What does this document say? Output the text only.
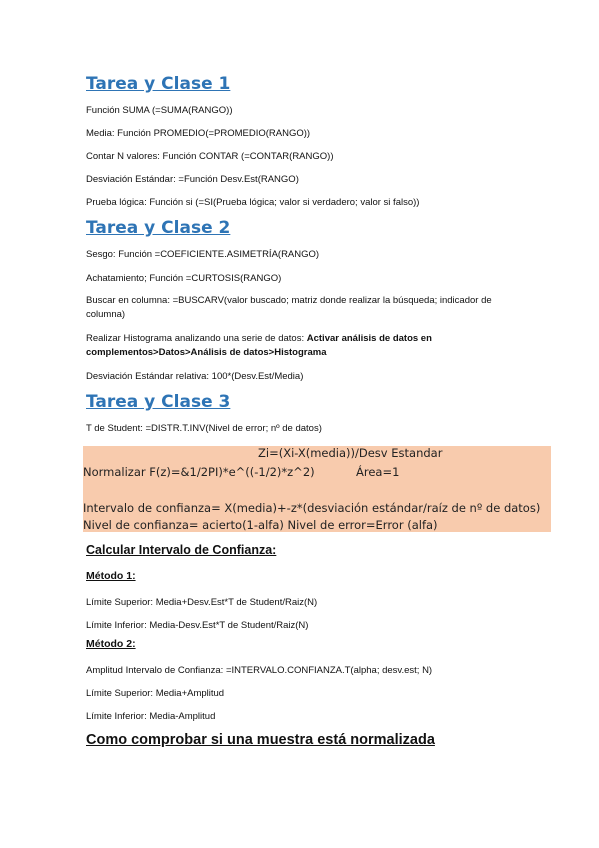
Tarea y Clase 1

Función SUMA (=SUMA(RANGO))

Media: Función PROMEDIO(=PROMEDIO(RANGO))

Contar N valores: Función CONTAR (=CONTAR(RANGO))

Desviación Estándar: =Función Desv.Est(RANGO)

Prueba lógica: Función si (=SI(Prueba lógica; valor si verdadero; valor si falso))

Tarea y Clase 2

Sesgo: Función =COEFICIENTE.ASIMETRÍA(RANGO)

Achatamiento; Función =CURTOSIS(RANGO)

Buscar en columna: =BUSCARV(valor buscado; matriz donde realizar la búsqueda; indicador de columna)

Realizar Histograma analizando una serie de datos: Activar análisis de datos en complementos>Datos>Análisis de datos>Histograma

Desviación Estándar relativa: 100*(Desv.Est/Media)

Tarea y Clase 3

T de Student: =DISTR.T.INV(Nivel de error; nº de datos)

Zi=(Xi-X(media))/Desv Estandar

Normalizar F(z)=&1/2PI)*e^((-1/2)*z^2)	Área=1

Intervalo de confianza= X(media)+-z*(desviación estándar/raíz de nº de datos)

Nivel de confianza= acierto(1-alfa) Nivel de error=Error (alfa)

Calcular Intervalo de Confianza:
Método 1:

Límite Superior: Media+Desv.Est*T de Student/Raiz(N)

Límite Inferior: Media-Desv.Est*T de Student/Raiz(N)

Método 2:

Amplitud Intervalo de Confianza: =INTERVALO.CONFIANZA.T(alpha; desv.est; N)

Límite Superior: Media+Amplitud

Límite Inferior: Media-Amplitud

Como comprobar si una muestra está normalizada
